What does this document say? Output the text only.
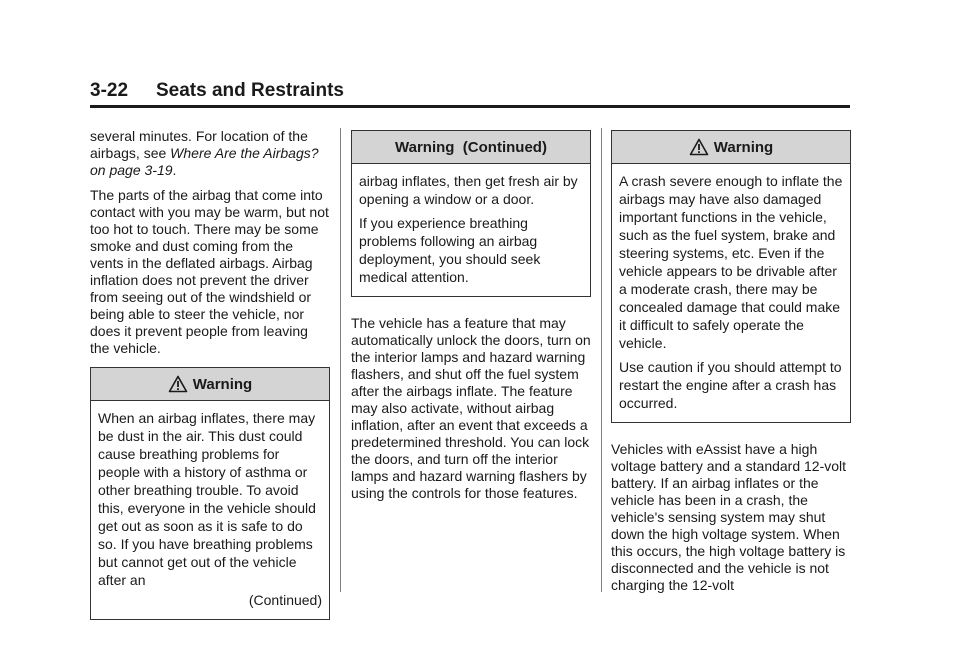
3-22 Seats and Restraints

several minutes. For location of the airbags, see Where Are the Airbags? on page 3-19.

The parts of the airbag that come into contact with you may be warm, but not too hot to touch. There may be some smoke and dust coming from the vents in the deflated airbags. Airbag inflation does not prevent the driver from seeing out of the windshield or being able to steer the vehicle, nor does it prevent people from leaving the vehicle.

Warning

When an airbag inflates, there may be dust in the air. This dust could cause breathing problems for people with a history of asthma or other breathing trouble. To avoid this, everyone in the vehicle should get out as soon as it is safe to do so. If you have breathing problems but cannot get out of the vehicle after an

(Continued)

Warning  (Continued)

airbag inflates, then get fresh air by opening a window or a door.

If you experience breathing problems following an airbag deployment, you should seek medical attention.

The vehicle has a feature that may automatically unlock the doors, turn on the interior lamps and hazard warning flashers, and shut off the fuel system after the airbags inflate. The feature may also activate, without airbag inflation, after an event that exceeds a predetermined threshold. You can lock the doors, and turn off the interior lamps and hazard warning flashers by using the controls for those features.

Warning

A crash severe enough to inflate the airbags may have also damaged important functions in the vehicle, such as the fuel system, brake and steering systems, etc. Even if the vehicle appears to be drivable after a moderate crash, there may be concealed damage that could make it difficult to safely operate the vehicle.

Use caution if you should attempt to restart the engine after a crash has occurred.

Vehicles with eAssist have a high voltage battery and a standard 12-volt battery. If an airbag inflates or the vehicle has been in a crash, the vehicle's sensing system may shut down the high voltage system. When this occurs, the high voltage battery is disconnected and the vehicle is not charging the 12-volt
